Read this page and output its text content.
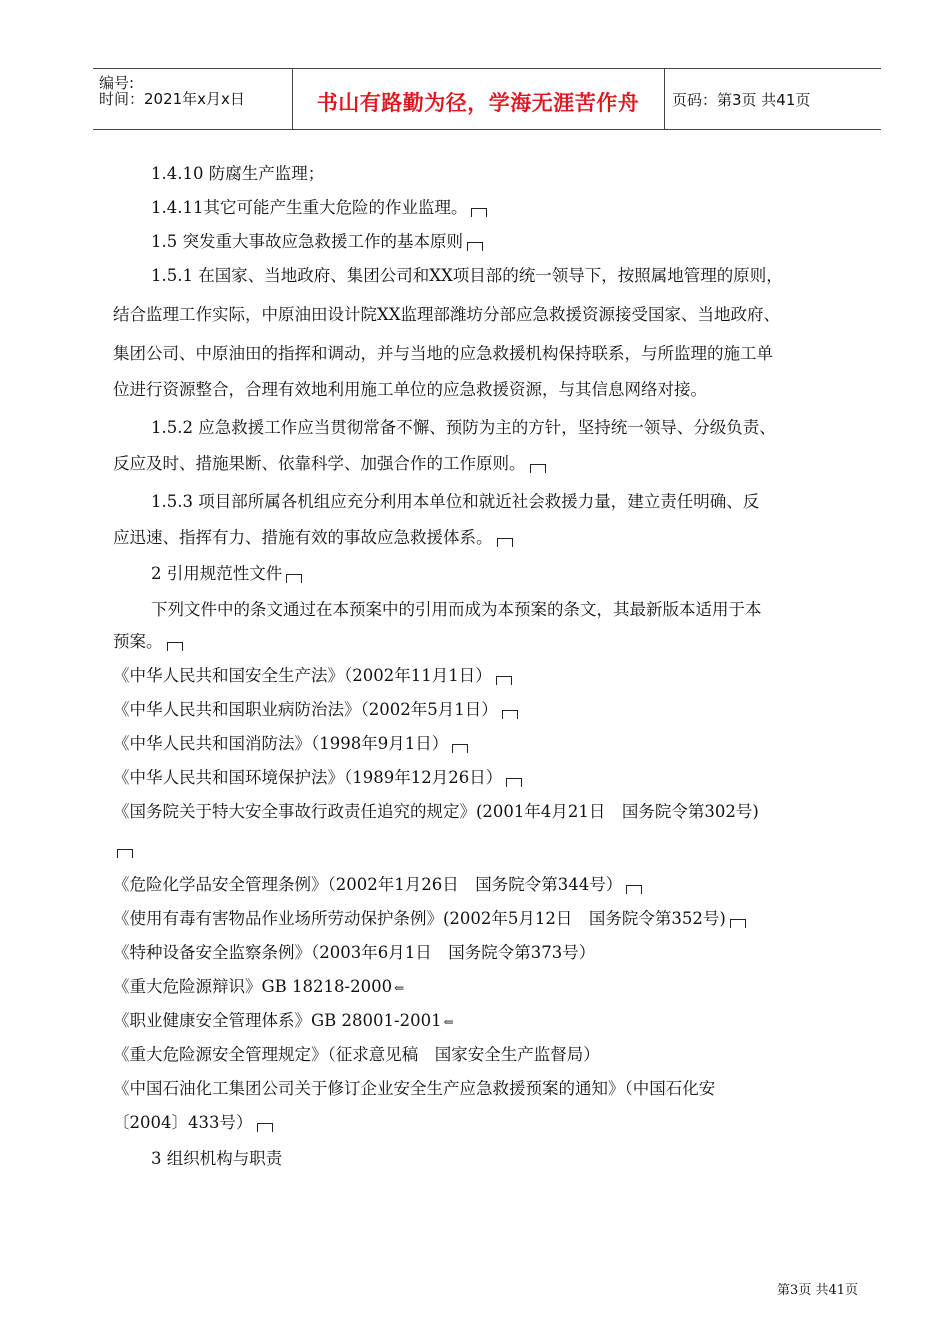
编号:
时间：2021年x月x日	书山有路勤为径，学海无涯苦作舟	页码：第3页 共41页
1.4.10 防腐生产监理；
1.4.11其它可能产生重大危险的作业监理。
1.5 突发重大事故应急救援工作的基本原则
1.5.1 在国家、当地政府、集团公司和XX项目部的统一领导下，按照属地管理的原则，
结合监理工作实际，中原油田设计院XX监理部潍坊分部应急救援资源接受国家、当地政府、
集团公司、中原油田的指挥和调动，并与当地的应急救援机构保持联系，与所监理的施工单
位进行资源整合，合理有效地利用施工单位的应急救援资源，与其信息网络对接。
1.5.2 应急救援工作应当贯彻常备不懈、预防为主的方针，坚持统一领导、分级负责、
反应及时、措施果断、依靠科学、加强合作的工作原则。
1.5.3 项目部所属各机组应充分利用本单位和就近社会救援力量，建立责任明确、反
应迅速、指挥有力、措施有效的事故应急救援体系。
2 引用规范性文件
下列文件中的条文通过在本预案中的引用而成为本预案的条文，其最新版本适用于本
预案。
《中华人民共和国安全生产法》（2002年11月1日）
《中华人民共和国职业病防治法》（2002年5月1日）
《中华人民共和国消防法》（1998年9月1日）
《中华人民共和国环境保护法》（1989年12月26日）
《国务院关于特大安全事故行政责任追究的规定》(2001年4月21日　国务院令第302号)
《危险化学品安全管理条例》（2002年1月26日　国务院令第344号）
《使用有毒有害物品作业场所劳动保护条例》(2002年5月12日　国务院令第352号)
《特种设备安全监察条例》（2003年6月1日　国务院令第373号）
《重大危险源辩识》GB 18218-2000 ⇐
《职业健康安全管理体系》GB 28001-2001 ⇐
《重大危险源安全管理规定》（征求意见稿　国家安全生产监督局）
《中国石油化工集团公司关于修订企业安全生产应急救援预案的通知》（中国石化安
〔2004〕433号）
3 组织机构与职责
第3页 共41页
